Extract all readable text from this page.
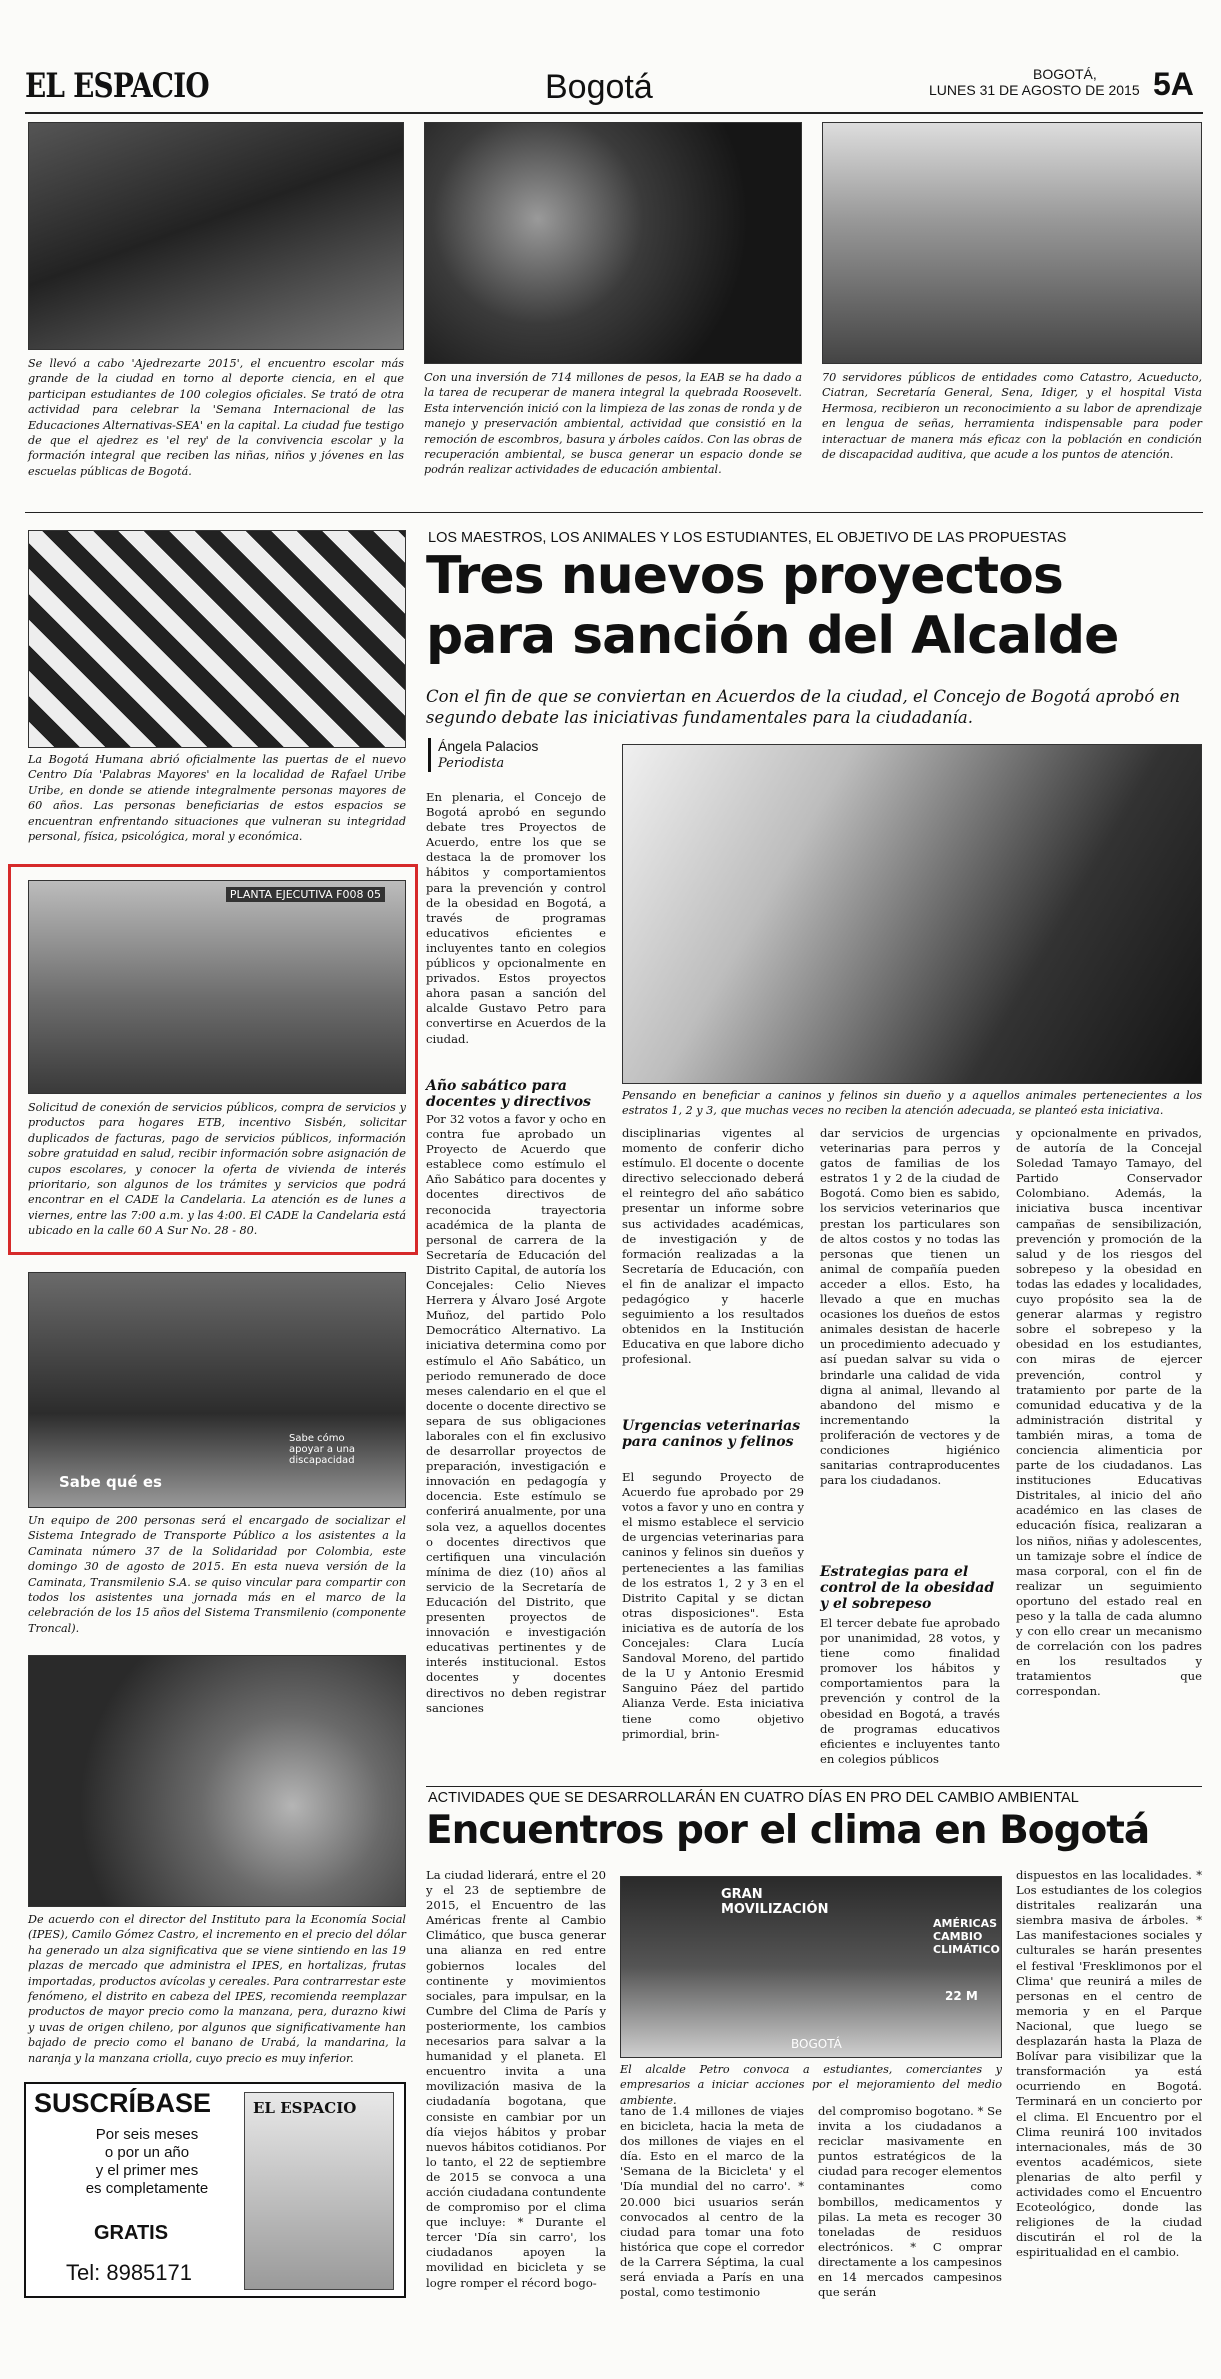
EL ESPACIO	Bogotá	BOGOTÁ,
LUNES 31 DE AGOSTO DE 2015 5A
Se llevó a cabo 'Ajedrezarte 2015', el encuentro escolar más grande de la ciudad en torno al deporte ciencia, en el que participan estudiantes de 100 colegios oficiales. Se trató de otra actividad para celebrar la 'Semana Internacional de las Educaciones Alternativas-SEA' en la capital. La ciudad fue testigo de que el ajedrez es 'el rey' de la convivencia escolar y la formación integral que reciben las niñas, niños y jóvenes en las escuelas públicas de Bogotá.
Con una inversión de 714 millones de pesos, la EAB se ha dado a la tarea de recuperar de manera integral la quebrada Roosevelt. Esta intervención inició con la limpieza de las zonas de ronda y de manejo y preservación ambiental, actividad que consistió en la remoción de escombros, basura y árboles caídos. Con las obras de recuperación ambiental, se busca generar un espacio donde se podrán realizar actividades de educación ambiental.
70 servidores públicos de entidades como Catastro, Acueducto, Ciatran, Secretaría General, Sena, Idiger, y el hospital Vista Hermosa, recibieron un reconocimiento a su labor de aprendizaje en lengua de señas, herramienta indispensable para poder interactuar de manera más eficaz con la población en condición de discapacidad auditiva, que acude a los puntos de atención.
La Bogotá Humana abrió oficialmente las puertas de el nuevo Centro Día 'Palabras Mayores' en la localidad de Rafael Uribe Uribe, en donde se atiende integralmente personas mayores de 60 años. Las personas beneficiarias de estos espacios se encuentran enfrentando situaciones que vulneran su integridad personal, física, psicológica, moral y económica.
PLANTA EJECUTIVA F008 05
Solicitud de conexión de servicios públicos, compra de servicios y productos para hogares ETB, incentivo Sisbén, solicitar duplicados de facturas, pago de servicios públicos, información sobre gratuidad en salud, recibir información sobre asignación de cupos escolares, y conocer la oferta de vivienda de interés prioritario, son algunos de los trámites y servicios que podrá encontrar en el CADE la Candelaria. La atención es de lunes a viernes, entre las 7:00 a.m. y las 4:00. El CADE la Candelaria está ubicado en la calle 60 A Sur No. 28 - 80.
Sabe qué es
Sabe cómo apoyar a una discapacidad
Un equipo de 200 personas será el encargado de socializar el Sistema Integrado de Transporte Público a los asistentes a la Caminata número 37 de la Solidaridad por Colombia, este domingo 30 de agosto de 2015. En esta nueva versión de la Caminata, Transmilenio S.A. se quiso vincular para compartir con todos los asistentes una jornada más en el marco de la celebración de los 15 años del Sistema Transmilenio (componente Troncal).
De acuerdo con el director del Instituto para la Economía Social (IPES), Camilo Gómez Castro, el incremento en el precio del dólar ha generado un alza significativa que se viene sintiendo en las 19 plazas de mercado que administra el IPES, en hortalizas, frutas importadas, productos avícolas y cereales. Para contrarrestar este fenómeno, el distrito en cabeza del IPES, recomienda reemplazar productos de mayor precio como la manzana, pera, durazno kiwi y uvas de origen chileno, por algunos que significativamente han bajado de precio como el banano de Urabá, la mandarina, la naranja y la manzana criolla, cuyo precio es muy inferior.
SUSCRÍBASE
Por seis meses
o por un año
y el primer mes
es completamente
GRATIS
Tel: 8985171
EL ESPACIO
LOS MAESTROS, LOS ANIMALES Y LOS ESTUDIANTES, EL OBJETIVO DE LAS PROPUESTAS
Tres nuevos proyectos
para sanción del Alcalde
Con el fin de que se conviertan en Acuerdos de la ciudad, el Concejo de Bogotá aprobó en segundo debate las iniciativas fundamentales para la ciudadanía.
Ángela Palacios
Periodista
En plenaria, el Concejo de Bogotá aprobó en segundo debate tres Proyectos de Acuerdo, entre los que se destaca la de promover los hábitos y comportamientos para la prevención y control de la obesidad en Bogotá, a través de programas educativos eficientes e incluyentes tanto en colegios públicos y opcionalmente en privados. Estos proyectos ahora pasan a sanción del alcalde Gustavo Petro para convertirse en Acuerdos de la ciudad.
Pensando en beneficiar a caninos y felinos sin dueño y a aquellos animales pertenecientes a los estratos 1, 2 y 3, que muchas veces no reciben la atención adecuada, se planteó esta iniciativa.
Año sabático para docentes y directivos
Por 32 votos a favor y ocho en contra fue aprobado un Proyecto de Acuerdo que establece como estímulo el Año Sabático para docentes y docentes directivos de reconocida trayectoria académica de la planta de personal de carrera de la Secretaría de Educación del Distrito Capital, de autoría los Concejales: Celio Nieves Herrera y Álvaro José Argote Muñoz, del partido Polo Democrático Alternativo. La iniciativa determina como por estímulo el Año Sabático, un periodo remunerado de doce meses calendario en el que el docente o docente directivo se separa de sus obligaciones laborales con el fin exclusivo de desarrollar proyectos de preparación, investigación e innovación en pedagogía y docencia. Este estímulo se conferirá anualmente, por una sola vez, a aquellos docentes o docentes directivos que certifiquen una vinculación mínima de diez (10) años al servicio de la Secretaría de Educación del Distrito, que presenten proyectos de innovación e investigación educativas pertinentes y de interés institucional. Estos docentes y docentes directivos no deben registrar sanciones
disciplinarias vigentes al momento de conferir dicho estímulo. El docente o docente directivo seleccionado deberá el reintegro del año sabático presentar un informe sobre sus actividades académicas, de investigación y de formación realizadas a la Secretaría de Educación, con el fin de analizar el impacto pedagógico y hacerle seguimiento a los resultados obtenidos en la Institución Educativa en que labore dicho profesional.
Urgencias veterinarias para caninos y felinos
El segundo Proyecto de Acuerdo fue aprobado por 29 votos a favor y uno en contra y el mismo establece el servicio de urgencias veterinarias para caninos y felinos sin dueños y pertenecientes a las familias de los estratos 1, 2 y 3 en el Distrito Capital y se dictan otras disposiciones". Esta iniciativa es de autoría de los Concejales: Clara Lucía Sandoval Moreno, del partido de la U y Antonio Eresmid Sanguino Páez del partido Alianza Verde. Esta iniciativa tiene como objetivo primordial, brin-
dar servicios de urgencias veterinarias para perros y gatos de familias de los estratos 1 y 2 de la ciudad de Bogotá. Como bien es sabido, los servicios veterinarios que prestan los particulares son de altos costos y no todas las personas que tienen un animal de compañía pueden acceder a ellos. Esto, ha llevado a que en muchas ocasiones los dueños de estos animales desistan de hacerle un procedimiento adecuado y así puedan salvar su vida o brindarle una calidad de vida digna al animal, llevando al abandono del mismo e incrementando la proliferación de vectores y de condiciones higiénico sanitarias contraproducentes para los ciudadanos.
Estrategias para el control de la obesidad y el sobrepeso
El tercer debate fue aprobado por unanimidad, 28 votos, y tiene como finalidad promover los hábitos y comportamientos para la prevención y control de la obesidad en Bogotá, a través de programas educativos eficientes e incluyentes tanto en colegios públicos
y opcionalmente en privados, de autoría de la Concejal Soledad Tamayo Tamayo, del Partido Conservador Colombiano. Además, la iniciativa busca incentivar campañas de sensibilización, prevención y promoción de la salud y de los riesgos del sobrepeso y la obesidad en todas las edades y localidades, cuyo propósito sea la de generar alarmas y registro sobre el sobrepeso y la obesidad en los estudiantes, con miras de ejercer prevención, control y tratamiento por parte de la comunidad educativa y de la administración distrital y también miras, a toma de conciencia alimenticia por parte de los ciudadanos. Las instituciones Educativas Distritales, al inicio del año académico en las clases de educación física, realizaran a los niños, niñas y adolescentes, un tamizaje sobre el índice de masa corporal, con el fin de realizar un seguimiento oportuno del estado real en peso y la talla de cada alumno y con ello crear un mecanismo de correlación con los padres en los resultados y tratamientos que correspondan.
ACTIVIDADES QUE SE DESARROLLARÁN EN CUATRO DÍAS EN PRO DEL CAMBIO AMBIENTAL
Encuentros por el clima en Bogotá
La ciudad liderará, entre el 20 y el 23 de septiembre de 2015, el Encuentro de las Américas frente al Cambio Climático, que busca generar una alianza en red entre gobiernos locales del continente y movimientos sociales, para impulsar, en la Cumbre del Clima de París y posteriormente, los cambios necesarios para salvar a la humanidad y el planeta. El encuentro invita a una movilización masiva de la ciudadanía bogotana, que consiste en cambiar por un día viejos hábitos y probar nuevos hábitos cotidianos. Por lo tanto, el 22 de septiembre de 2015 se convoca a una acción ciudadana contundente de compromiso por el clima que incluye: * Durante el tercer 'Día sin carro', los ciudadanos apoyen la movilidad en bicicleta y se logre romper el récord bogo-
GRAN MOVILIZACIÓN
AMÉRICAS CAMBIO CLIMÁTICO
22 M
BOGOTÁ
El alcalde Petro convoca a estudiantes, comerciantes y empresarios a iniciar acciones por el mejoramiento del medio ambiente.
tano de 1.4 millones de viajes en bicicleta, hacia la meta de dos millones de viajes en el día. Esto en el marco de la 'Semana de la Bicicleta' y el 'Día mundial del no carro'. * 20.000 bici usuarios serán convocados al centro de la ciudad para tomar una foto histórica que cope el corredor de la Carrera Séptima, la cual será enviada a París en una postal, como testimonio
del compromiso bogotano. * Se invita a los ciudadanos a reciclar masivamente en puntos estratégicos de la ciudad para recoger elementos contaminantes como bombillos, medicamentos y pilas. La meta es recoger 30 toneladas de residuos electrónicos. * C omprar directamente a los campesinos en 14 mercados campesinos que serán
dispuestos en las localidades. * Los estudiantes de los colegios distritales realizarán una siembra masiva de árboles. * Las manifestaciones sociales y culturales se harán presentes el festival 'Fresklimonos por el Clima' que reunirá a miles de personas en el centro de memoria y en el Parque Nacional, que luego se desplazarán hasta la Plaza de Bolívar para visibilizar que la transformación ya está ocurriendo en Bogotá. Terminará en un concierto por el clima. El Encuentro por el Clima reunirá 100 invitados internacionales, más de 30 eventos académicos, siete plenarias de alto perfil y actividades como el Encuentro Ecoteológico, donde las religiones de la ciudad discutirán el rol de la espiritualidad en el cambio.
